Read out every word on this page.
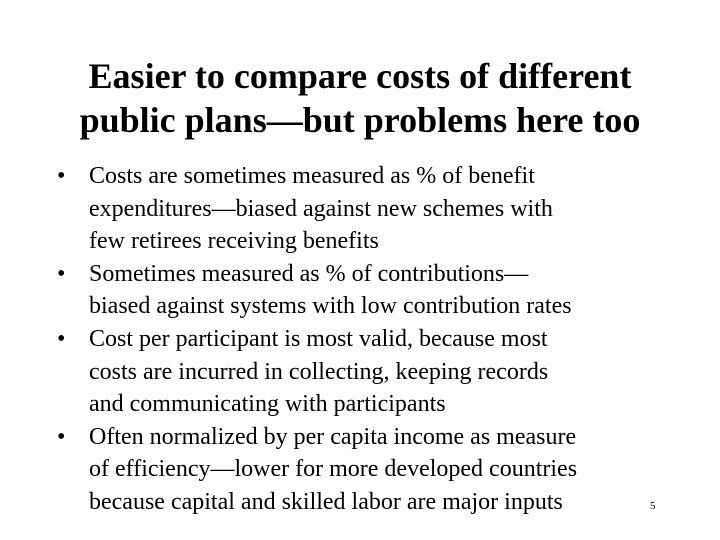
Easier to compare costs of different
public plans—but problems here too
• Costs are sometimes measured as % of benefit
expenditures—biased against new schemes with
few retirees receiving benefits
• Sometimes measured as % of contributions—
biased against systems with low contribution rates
• Cost per participant is most valid, because most
costs are incurred in collecting, keeping records
and communicating with participants
• Often normalized by per capita income as measure
of efficiency—lower for more developed countries
because capital and skilled labor are major inputs	5
